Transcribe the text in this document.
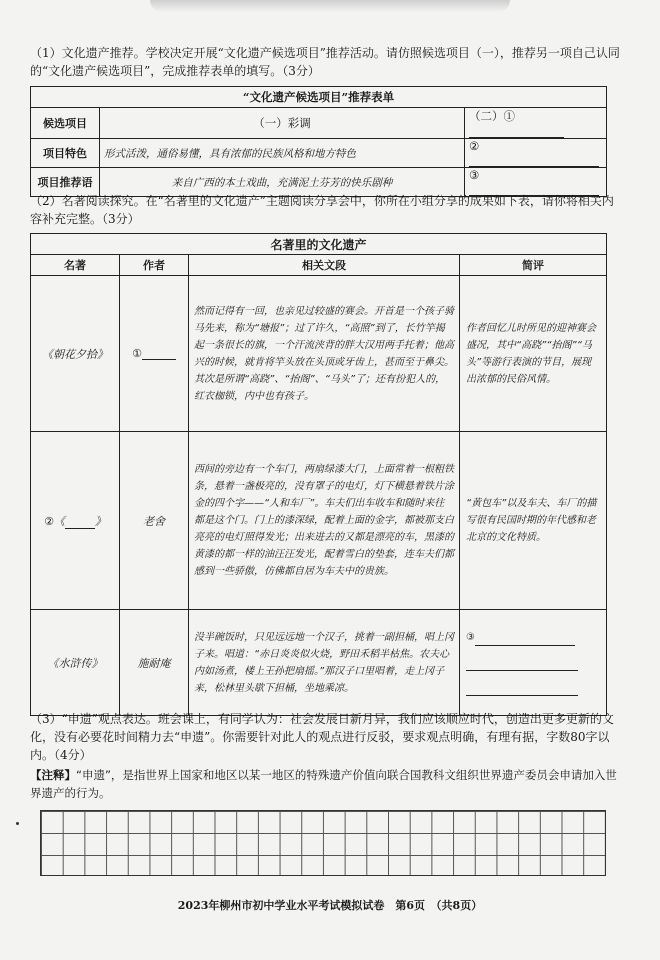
（1）文化遗产推荐。学校决定开展“文化遗产候选项目”推荐活动。请仿照候选项目（一），推荐另一项自己认同的“文化遗产候选项目”，完成推荐表单的填写。（3分）
“文化遗产候选项目”推荐表单		
候选项目	（一）彩调	（二）①
项目特色	形式活泼，通俗易懂，具有浓郁的民族风格和地方特色	②
项目推荐语	来自广西的本土戏曲，充满泥土芬芳的快乐剧种	③
（2）名著阅读探究。在“名著里的文化遗产”主题阅读分享会中，你所在小组分享的成果如下表，请你将相关内容补充完整。（3分）
名著里的文化遗产			
名著	作者	相关文段	简评
《朝花夕拾》	①	然而记得有一回，也亲见过较盛的赛会。开首是一个孩子骑马先来，称为“塘报”；过了许久，“高照”到了，长竹竿揭起一条很长的旗，一个汗流浃背的胖大汉用两手托着；他高兴的时候，就肯将竿头放在头顶或牙齿上，甚而至于鼻尖。其次是所谓“高跷”、“抬阁”、“马头”了；还有扮犯人的，红衣枷锁，内中也有孩子。	作者回忆儿时所见的迎神赛会盛况，其中“高跷”“抬阁”“马头”等游行表演的节目，展现出浓郁的民俗风情。
②《 》	老舍	西间的旁边有一个车门，两扇绿漆大门，上面常着一根粗铁条，悬着一盏极亮的，没有罩子的电灯，灯下横悬着铁片涂金的四个字——“人和车厂”。车夫们出车收车和随时来往都是这个门。门上的漆深绿，配着上面的金字，都被那支白亮亮的电灯照得发光；出来进去的又都是漂亮的车，黑漆的黄漆的都一样的油汪汪发光，配着雪白的垫套，连车夫们都感到一些骄傲，仿佛都自居为车夫中的贵族。	“黄包车”以及车夫、车厂的描写很有民国时期的年代感和老北京的文化特质。
《水浒传》	施耐庵	没半碗饭时，只见远远地一个汉子，挑着一副担桶，唱上冈子来。唱道：“赤日炎炎似火烧，野田禾稻半枯焦。农夫心内如汤煮，楼上王孙把扇摇。”那汉子口里唱着，走上冈子来，松林里头歇下担桶，坐地乘凉。	③
（3）“申遗”观点表达。班会课上，有同学认为：社会发展日新月异，我们应该顺应时代，创造出更多更新的文化，没有必要花时间精力去“申遗”。你需要针对此人的观点进行反驳，要求观点明确，有理有据，字数80字以内。（4分）
【注释】“申遗”，是指世界上国家和地区以某一地区的特殊遗产价值向联合国教科文组织世界遗产委员会申请加入世界遗产的行为。
2023年柳州市初中学业水平考试模拟试卷　第6页　（共8页）
